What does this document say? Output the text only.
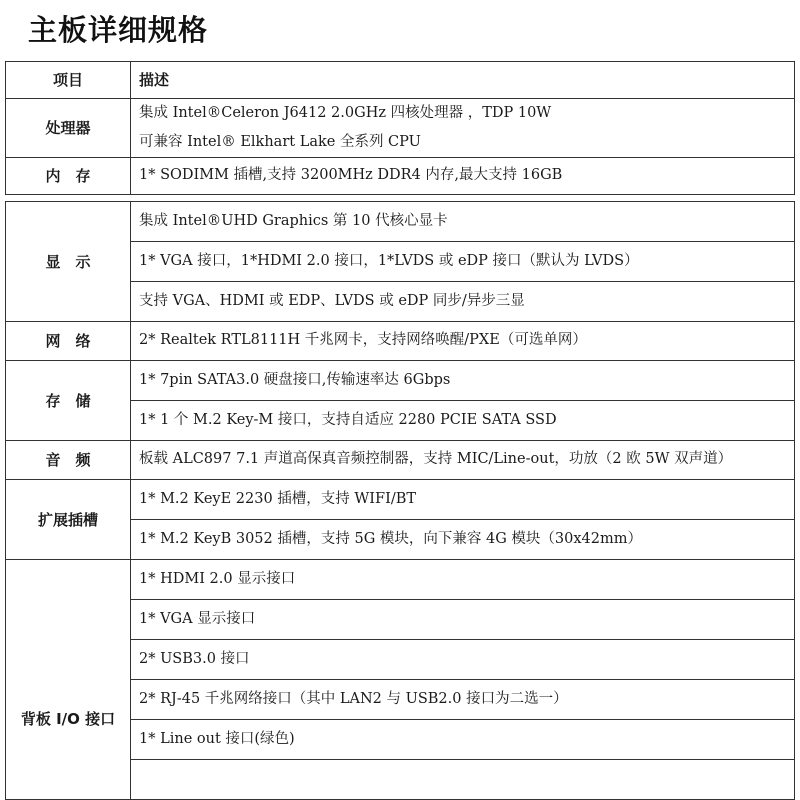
主板详细规格
项目	描述
处理器	集成 Intel®Celeron J6412 2.0GHz 四核处理器 ，TDP 10W
可兼容 Intel® Elkhart Lake 全系列 CPU

内　存	1* SODIMM 插槽,支持 3200MHz DDR4 内存,最大支持 16GB

显　示	集成 Intel®UHD Graphics 第 10 代核心显卡
	1* VGA 接口，1*HDMI 2.0 接口，1*LVDS 或 eDP 接口（默认为 LVDS）
	支持 VGA、HDMI 或 EDP、LVDS 或 eDP 同步/异步三显
网　络	2* Realtek RTL8111H 千兆网卡，支持网络唤醒/PXE（可选单网）
存　储	1* 7pin SATA3.0 硬盘接口,传输速率达 6Gbps
	1* 1 个 M.2 Key-M 接口，支持自适应 2280 PCIE SATA SSD
音　频	板载 ALC897 7.1 声道高保真音频控制器，支持 MIC/Line-out，功放（2 欧 5W 双声道）
扩展插槽	1* M.2 KeyE 2230 插槽，支持 WIFI/BT
	1* M.2 KeyB 3052 插槽，支持 5G 模块，向下兼容 4G 模块（30x42mm）
背板 I/O 接口	1* HDMI 2.0 显示接口
	1* VGA 显示接口
	2* USB3.0 接口
	2* RJ-45 千兆网络接口（其中 LAN2 与 USB2.0 接口为二选一）
	1* Line out 接口(绿色)
